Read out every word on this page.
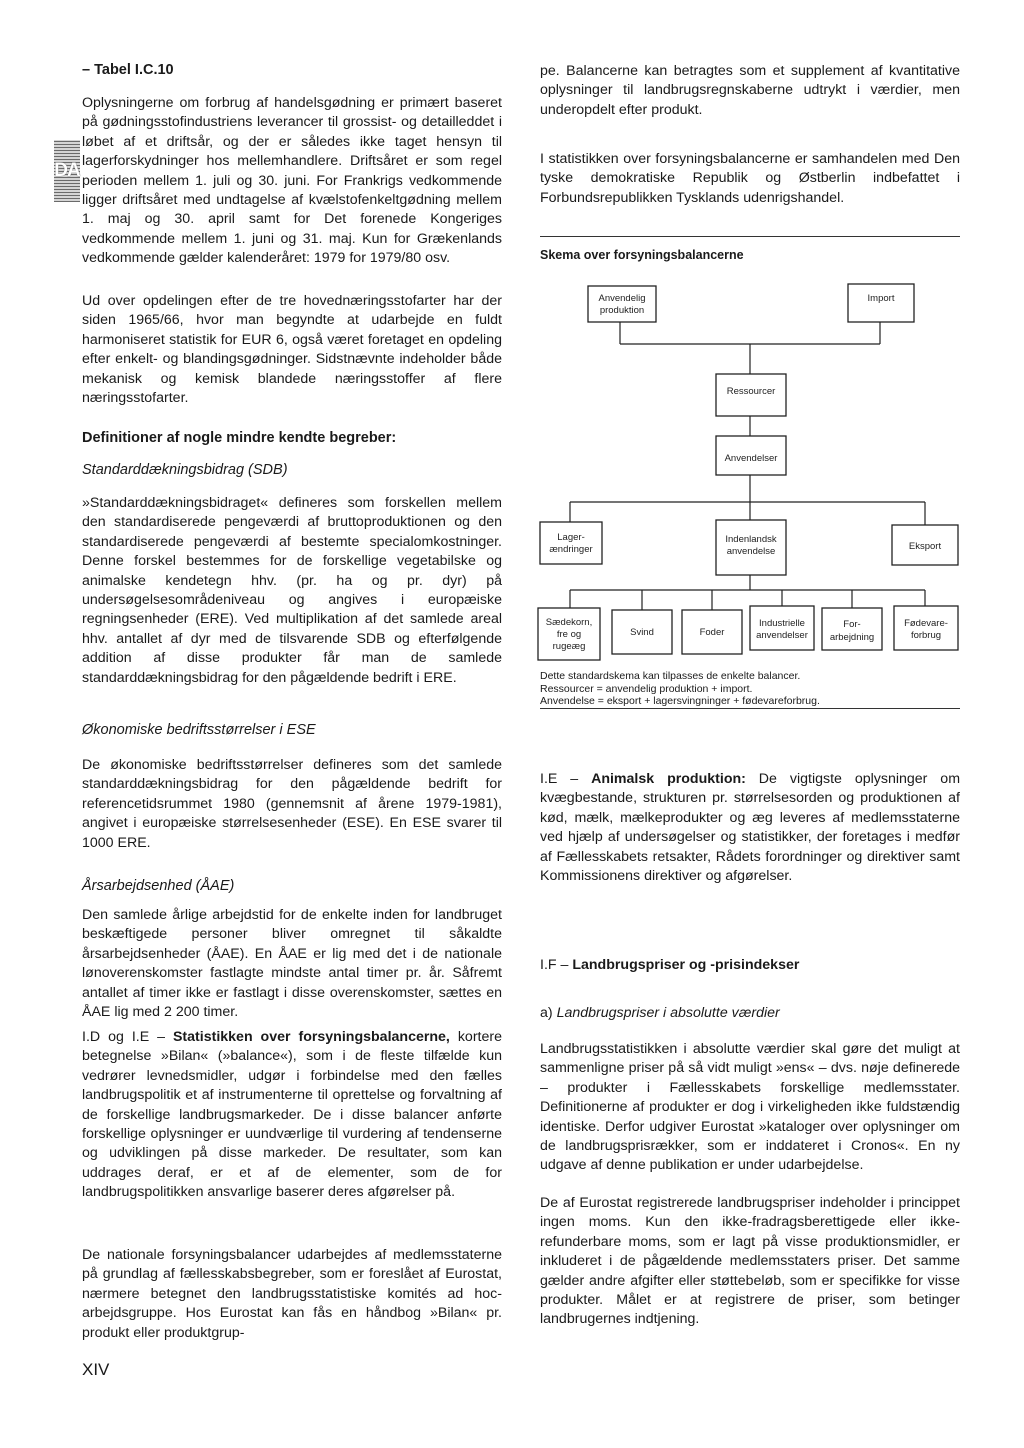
DA
– Tabel I.C.10

Oplysningerne om forbrug af handelsgødning er primært baseret på gødningsstofindustriens leverancer til grossist- og detailleddet i løbet af et driftsår, og der er således ikke taget hensyn til lagerforskydninger hos mellemhandlere. Driftsåret er som regel perioden mellem 1. juli og 30. juni. For Frankrigs vedkommende ligger driftsåret med undtagelse af kvælstofenkeltgødning mellem 1. maj og 30. april samt for Det forenede Kongeriges vedkommende mellem 1. juni og 31. maj. Kun for Grækenlands vedkommende gælder kalenderåret: 1979 for 1979/80 osv.

Ud over opdelingen efter de tre hovednæringsstofarter har der siden 1965/66, hvor man begyndte at udarbejde en fuldt harmoniseret statistik for EUR 6, også været foretaget en opdeling efter enkelt- og blandingsgødninger. Sidstnævnte indeholder både mekanisk og kemisk blandede næringsstoffer af flere næringsstofarter.

Definitioner af nogle mindre kendte begreber:
Standarddækningsbidrag (SDB)

»Standarddækningsbidraget« defineres som forskellen mellem den standardiserede pengeværdi af bruttoproduktionen og den standardiserede pengeværdi af bestemte specialomkostninger. Denne forskel bestemmes for de forskellige vegetabilske og animalske kendetegn hhv. (pr. ha og pr. dyr) på undersøgelsesområdeniveau og angives i europæiske regningsenheder (ERE). Ved multiplikation af det samlede areal hhv. antallet af dyr med de tilsvarende SDB og efterfølgende addition af disse produkter får man de samlede standarddækningsbidrag for den pågældende bedrift i ERE.

Økonomiske bedriftsstørrelser i ESE

De økonomiske bedriftsstørrelser defineres som det samlede standarddækningsbidrag for den pågældende bedrift for referencetidsrummet 1980 (gennemsnit af årene 1979-1981), angivet i europæiske størrelsesenheder (ESE). En ESE svarer til 1000 ERE.

Årsarbejdsenhed (ÅAE)

Den samlede årlige arbejdstid for de enkelte inden for landbruget beskæftigede personer bliver omregnet til såkaldte årsarbejdsenheder (ÅAE). En ÅAE er lig med det i de nationale lønoverenskomster fastlagte mindste antal timer pr. år. Såfremt antallet af timer ikke er fastlagt i disse overenskomster, sættes en ÅAE lig med 2 200 timer.

I.D og I.E – Statistikken over forsyningsbalancerne, kortere betegnelse »Bilan« (»balance«), som i de fleste tilfælde kun vedrører levnedsmidler, udgør i forbindelse med den fælles landbrugspolitik et af instrumenterne til oprettelse og forvaltning af de forskellige landbrugsmarkeder. De i disse balancer anførte forskellige oplysninger er uundværlige til vurdering af tendenserne og udviklingen på disse markeder. De resultater, som kan uddrages deraf, er et af de elementer, som de for landbrugspolitikken ansvarlige baserer deres afgørelser på.

De nationale forsyningsbalancer udarbejdes af medlemsstaterne på grundlag af fællesskabsbegreber, som er foreslået af Eurostat, nærmere betegnet den landbrugsstatistiske komités ad hoc-arbejdsgruppe. Hos Eurostat kan fås en håndbog »Bilan« pr. produkt eller produktgrup-

pe. Balancerne kan betragtes som et supplement af kvantitative oplysninger til landbrugsregnskaberne udtrykt i værdier, men underopdelt efter produkt.

I statistikken over forsyningsbalancerne er samhandelen med Den tyske demokratiske Republik og Østberlin indbefattet i Forbundsrepublikken Tysklands udenrigshandel.

Skema over forsyningsbalancerne
Anvendelig
produktion
Import
Ressourcer
Anvendelser
Lager-
ændringer
Indenlandsk
anvendelse	Eksport
Sædekorn,
fre og
rugeæg
Svind	Foder
Industrielle
anvendelser
For-
arbejdning
Fødevare-
forbrug
Dette standardskema kan tilpasses de enkelte balancer.
Ressourcer = anvendelig produktion + import.
Anvendelse = eksport + lagersvingninger + fødevareforbrug.

I.E – Animalsk produktion: De vigtigste oplysninger om kvægbestande, strukturen pr. størrelsesorden og produktionen af kød, mælk, mælkeprodukter og æg leveres af medlemsstaterne ved hjælp af undersøgelser og statistikker, der foretages i medfør af Fællesskabets retsakter, Rådets forordninger og direktiver samt Kommissionens direktiver og afgørelser.

I.F – Landbrugspriser og -prisindekser

a) Landbrugspriser i absolutte værdier

Landbrugsstatistikken i absolutte værdier skal gøre det muligt at sammenligne priser på så vidt muligt »ens« – dvs. nøje definerede – produkter i Fællesskabets forskellige medlemsstater. Definitionerne af produkter er dog i virkeligheden ikke fuldstændig identiske. Derfor udgiver Eurostat »kataloger over oplysninger om de landbrugsprisrækker, som er inddateret i Cronos«. En ny udgave af denne publikation er under udarbejdelse.

De af Eurostat registrerede landbrugspriser indeholder i princippet ingen moms. Kun den ikke-fradragsberettigede eller ikke-refunderbare moms, som er lagt på visse produktionsmidler, er inkluderet i de pågældende medlemsstaters priser. Det samme gælder andre afgifter eller støttebeløb, som er specifikke for visse produkter. Målet er at registrere de priser, som betinger landbrugernes indtjening.

XIV
